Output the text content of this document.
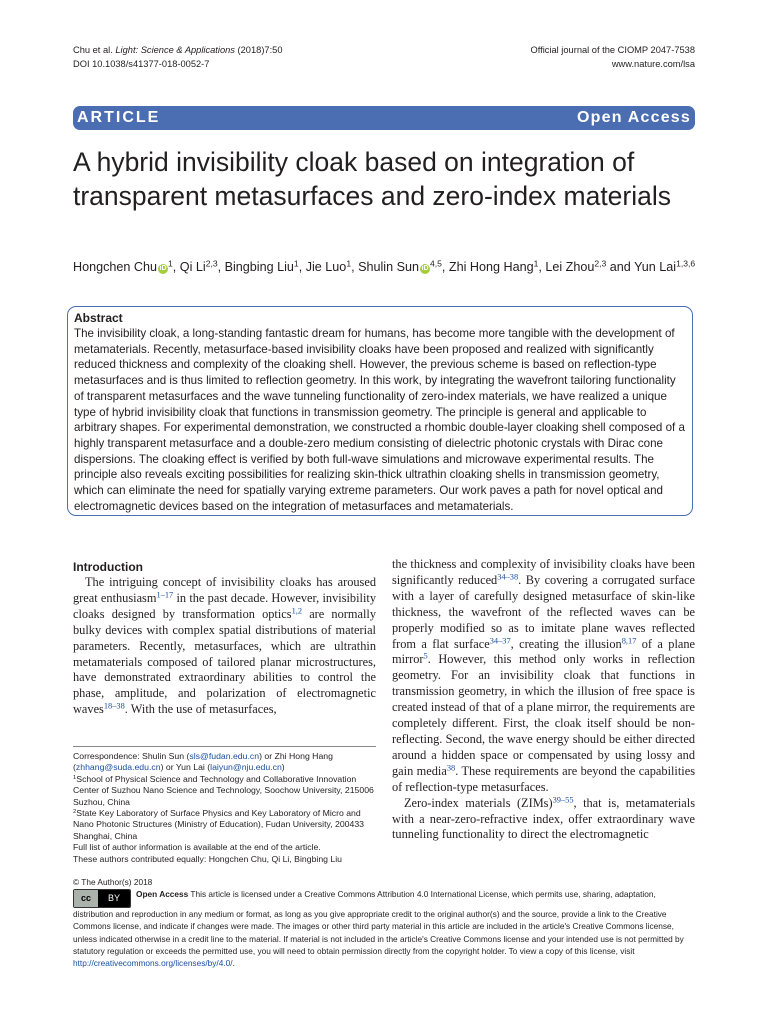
Chu et al. Light: Science & Applications (2018)7:50
DOI 10.1038/s41377-018-0052-7
Official journal of the CIOMP 2047-7538
www.nature.com/lsa
ARTICLE	Open Access
A hybrid invisibility cloak based on integration of transparent metasurfaces and zero-index materials
Hongchen Chu $iD^1$, Qi Li$^{2,3}$, Bingbing Liu$^1$, Jie Luo$^1$, Shulin Sun iD$^{4,5}$, Zhi Hong Hang$^1$, Lei Zhou$^{2,3}$ and Yun Lai$^{1,3,6}$
Abstract

The invisibility cloak, a long-standing fantastic dream for humans, has become more tangible with the development of metamaterials. Recently, metasurface-based invisibility cloaks have been proposed and realized with significantly reduced thickness and complexity of the cloaking shell. However, the previous scheme is based on reflection-type metasurfaces and is thus limited to reflection geometry. In this work, by integrating the wavefront tailoring functionality of transparent metasurfaces and the wave tunneling functionality of zero-index materials, we have realized a unique type of hybrid invisibility cloak that functions in transmission geometry. The principle is general and applicable to arbitrary shapes. For experimental demonstration, we constructed a rhombic double-layer cloaking shell composed of a highly transparent metasurface and a double-zero medium consisting of dielectric photonic crystals with Dirac cone dispersions. The cloaking effect is verified by both full-wave simulations and microwave experimental results. The principle also reveals exciting possibilities for realizing skin-thick ultrathin cloaking shells in transmission geometry, which can eliminate the need for spatially varying extreme parameters. Our work paves a path for novel optical and electromagnetic devices based on the integration of metasurfaces and metamaterials.

Introduction

The intriguing concept of invisibility cloaks has aroused great enthusiasm$^{1-17}$ in the past decade. However, invisibility cloaks designed by transformation optics$^{1,2}$ are normally bulky devices with complex spatial distributions of material parameters. Recently, metasurfaces, which are ultrathin metamaterials composed of tailored planar microstructures, have demonstrated extraordinary abilities to control the phase, amplitude, and polarization of electromagnetic waves$^{18-38}$. With the use of metasurfaces,

the thickness and complexity of invisibility cloaks have been significantly reduced$^{34-38}$. By covering a corrugated surface with a layer of carefully designed metasurface of skin-like thickness, the wavefront of the reflected waves can be properly modified so as to imitate plane waves reflected from a flat surface$^{34-37}$, creating the illusion$^{8,17}$ of a plane mirror$^5$. However, this method only works in reflection geometry. For an invisibility cloak that functions in transmission geometry, in which the illusion of free space is created instead of that of a plane mirror, the requirements are completely different. First, the cloak itself should be non-reflecting. Second, the wave energy should be either directed around a hidden space or compensated by using lossy and gain media$^{38}$. These requirements are beyond the capabilities of reflection-type metasurfaces.

Zero-index materials (ZIMs)$^{39-55}$, that is, metamaterials with a near-zero-refractive index, offer extraordinary wave tunneling functionality to direct the electromagnetic

Correspondence: Shulin Sun (sls@fudan.edu.cn) or Zhi Hong Hang
(zhhang@suda.edu.cn) or Yun Lai (laiyun@nju.edu.cn)

$^1$School of Physical Science and Technology and Collaborative Innovation Center of Suzhou Nano Science and Technology, Soochow University, 215006 Suzhou, China

$^2$State Key Laboratory of Surface Physics and Key Laboratory of Micro and Nano Photonic Structures (Ministry of Education), Fudan University, 200433 Shanghai, China

Full list of author information is available at the end of the article.

These authors contributed equally: Hongchen Chu, Qi Li, Bingbing Liu

© The Author(s) 2018

cc	BY	Open Access This article is licensed under a Creative Commons Attribution 4.0 International License, which permits use, sharing, adaptation, distribution and reproduction in any medium or format, as long as you give appropriate credit to the original author(s) and the source, provide a link to the Creative Commons license, and indicate if changes were made. The images or other third party material in this article are included in the article's Creative Commons license, unless indicated otherwise in a credit line to the material. If material is not included in the article's Creative Commons license and your intended use is not permitted by statutory regulation or exceeds the permitted use, you will need to obtain permission directly from the copyright holder. To view a copy of this license, visit http://creativecommons.org/licenses/by/4.0/.
